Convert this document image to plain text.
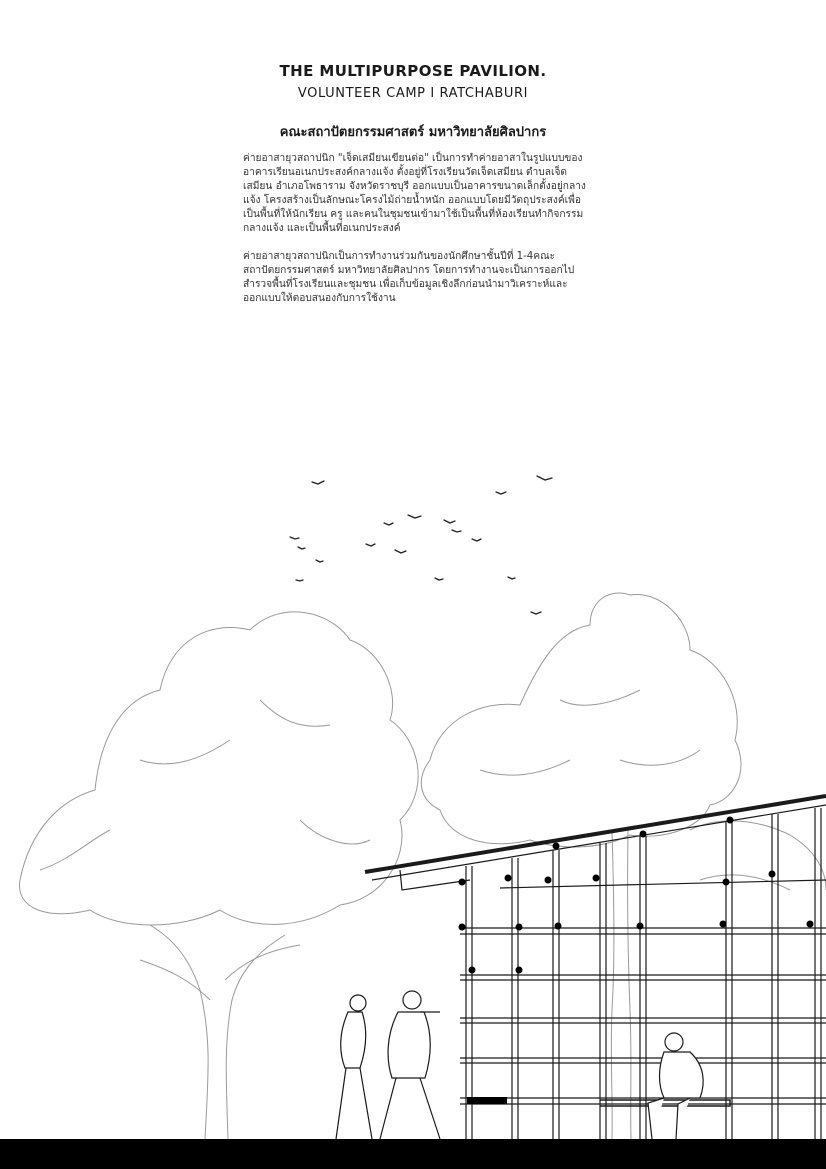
THE MULTIPURPOSE PAVILION.
VOLUNTEER CAMP I RATCHABURI
คณะสถาปัตยกรรมศาสตร์ มหาวิทยาลัยศิลปากร

ค่ายอาสายุวสถาปนิก "เจ็ดเสมียนเขียนต่อ" เป็นการทำค่ายอาสาในรูปแบบของอาคารเรียนอเนกประสงค์กลางแจ้ง ตั้งอยู่ที่โรงเรียนวัดเจ็ดเสมียน ตำบลเจ็ดเสมียน อำเภอโพธาราม จังหวัดราชบุรี ออกแบบเป็นอาคารขนาดเล็กตั้งอยู่กลางแจ้ง โครงสร้างเป็นลักษณะโครงไม้ถ่ายน้ำหนัก ออกแบบโดยมีวัตถุประสงค์เพื่อเป็นพื้นที่ให้นักเรียน ครู และคนในชุมชนเข้ามาใช้เป็นพื้นที่ห้องเรียนทำกิจกรรมกลางแจ้ง และเป็นพื้นที่อเนกประสงค์

ค่ายอาสายุวสถาปนิกเป็นการทำงานร่วมกันของนักศึกษาชั้นปีที่ 1-4คณะสถาปัตยกรรมศาสตร์ มหาวิทยาลัยศิลปากร โดยการทำงานจะเป็นการออกไปสำรวจพื้นที่โรงเรียนและชุมชน เพื่อเก็บข้อมูลเชิงลึกก่อนนำมาวิเคราะห์และออกแบบให้ตอบสนองกับการใช้งาน
